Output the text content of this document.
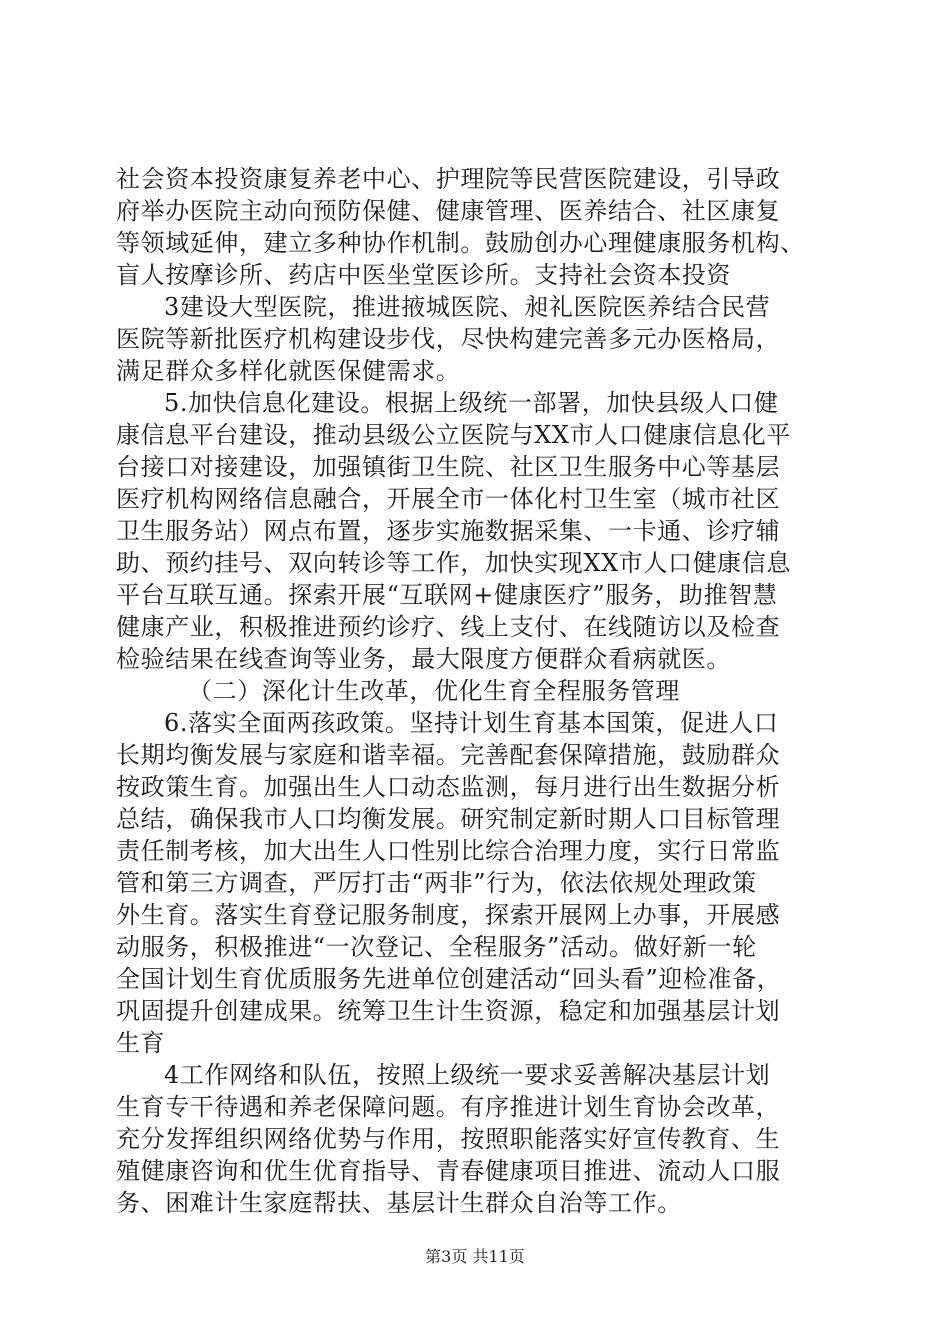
社会资本投资康复养老中心、护理院等民营医院建设，引导政
府举办医院主动向预防保健、健康管理、医养结合、社区康复
等领域延伸，建立多种协作机制。鼓励创办心理健康服务机构、
盲人按摩诊所、药店中医坐堂医诊所。支持社会资本投资
3建设大型医院，推进掖城医院、昶礼医院医养结合民营
医院等新批医疗机构建设步伐，尽快构建完善多元办医格局，
满足群众多样化就医保健需求。
5.加快信息化建设。根据上级统一部署，加快县级人口健
康信息平台建设，推动县级公立医院与XX市人口健康信息化平
台接口对接建设，加强镇街卫生院、社区卫生服务中心等基层
医疗机构网络信息融合，开展全市一体化村卫生室（城市社区
卫生服务站）网点布置，逐步实施数据采集、一卡通、诊疗辅
助、预约挂号、双向转诊等工作，加快实现XX市人口健康信息
平台互联互通。探索开展“互联网+健康医疗”服务，助推智慧
健康产业，积极推进预约诊疗、线上支付、在线随访以及检查
检验结果在线查询等业务，最大限度方便群众看病就医。
（二）深化计生改革，优化生育全程服务管理
6.落实全面两孩政策。坚持计划生育基本国策，促进人口
长期均衡发展与家庭和谐幸福。完善配套保障措施，鼓励群众
按政策生育。加强出生人口动态监测，每月进行出生数据分析
总结，确保我市人口均衡发展。研究制定新时期人口目标管理
责任制考核，加大出生人口性别比综合治理力度，实行日常监
管和第三方调查，严厉打击“两非”行为，依法依规处理政策
外生育。落实生育登记服务制度，探索开展网上办事，开展感
动服务，积极推进“一次登记、全程服务”活动。做好新一轮
全国计划生育优质服务先进单位创建活动“回头看”迎检准备，
巩固提升创建成果。统筹卫生计生资源，稳定和加强基层计划
生育
4工作网络和队伍，按照上级统一要求妥善解决基层计划
生育专干待遇和养老保障问题。有序推进计划生育协会改革，
充分发挥组织网络优势与作用，按照职能落实好宣传教育、生
殖健康咨询和优生优育指导、青春健康项目推进、流动人口服
务、困难计生家庭帮扶、基层计生群众自治等工作。
第3页 共11页
